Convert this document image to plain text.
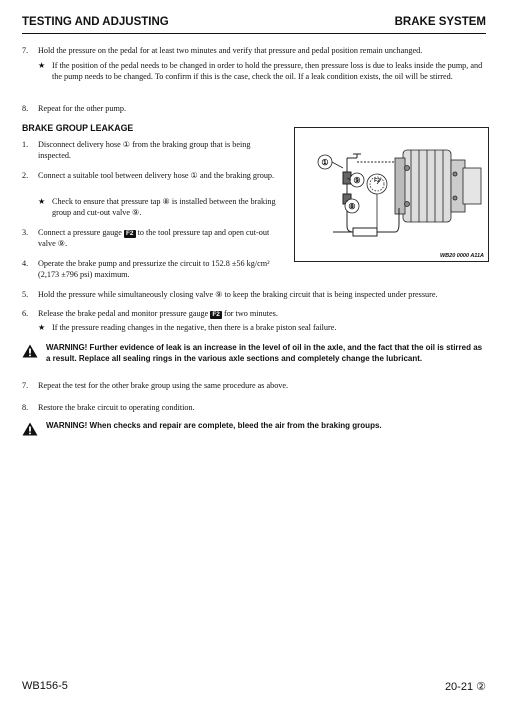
TESTING AND ADJUSTING	BRAKE SYSTEM
7.	Hold the pressure on the pedal for at least two minutes and verify that pressure and pedal position remain unchanged.
★ If the position of the pedal needs to be changed in order to hold the pressure, then pressure loss is due to leaks inside the pump, and the pump needs to be changed. To confirm if this is the case, check the oil. If a leak condition exists, the oil will be stirred.
8.	Repeat for the other pump.
BRAKE GROUP LEAKAGE
①
⑨
⑧
F2
WB20 0000 A11A
1.	Disconnect delivery hose ① from the braking group that is being inspected.
2.	Connect a suitable tool between delivery hose ① and the braking group.
★ Check to ensure that pressure tap ⑧ is installed between the braking group and cut-out valve ⑨.
3.	Connect a pressure gauge F2 to the tool pressure tap and open cut-out valve ⑨.
4.	Operate the brake pump and pressurize the circuit to 152.8 ±56 kg/cm² (2,173 ±796 psi) maximum.
5.	Hold the pressure while simultaneously closing valve ⑨ to keep the braking circuit that is being inspected under pressure.
6.	Release the brake pedal and monitor pressure gauge F2 for two minutes.
★ If the pressure reading changes in the negative, then there is a brake piston seal failure.
WARNING! Further evidence of leak is an increase in the level of oil in the axle, and the fact that the oil is stirred as a result. Replace all sealing rings in the various axle sections and completely change the lubricant.
7.	Repeat the test for the other brake group using the same procedure as above.
8.	Restore the brake circuit to operating condition.
WARNING! When checks and repair are complete, bleed the air from the braking groups.
WB156-5	20-21 ②
